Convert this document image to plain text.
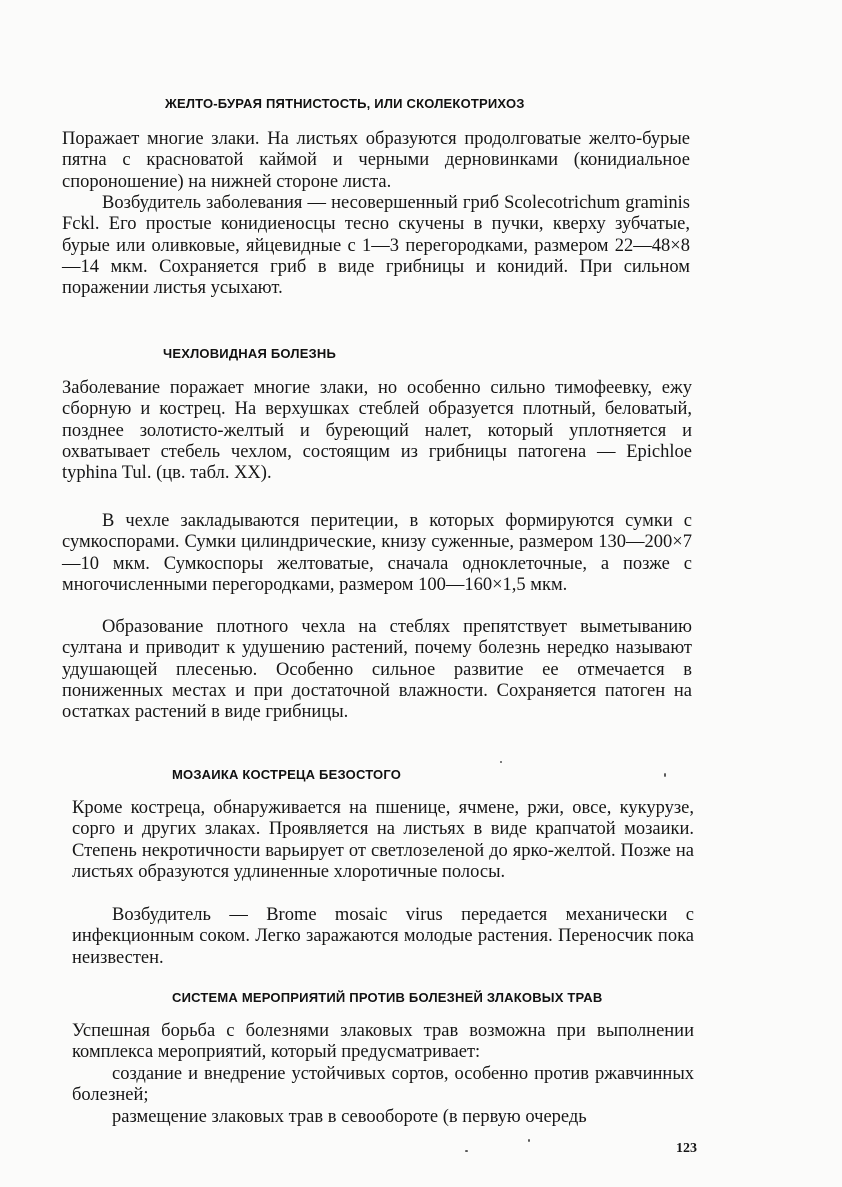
ЖЕЛТО-БУРАЯ ПЯТНИСТОСТЬ, ИЛИ СКОЛЕКОТРИХОЗ
Поражает многие злаки. На листьях образуются продолговатые желто-бурые пятна с красноватой каймой и черными дерновинками (конидиальное спороношение) на нижней стороне листа.
Возбудитель заболевания — несовершенный гриб Scolecotrichum graminis Fckl. Его простые конидиеносцы тесно скучены в пучки, кверху зубчатые, бурые или оливковые, яйцевидные с 1—3 перегородками, размером 22—48×8—14 мкм. Сохраняется гриб в виде грибницы и конидий. При сильном поражении листья усыхают.
ЧЕХЛОВИДНАЯ БОЛЕЗНЬ
Заболевание поражает многие злаки, но особенно сильно тимофеевку, ежу сборную и кострец. На верхушках стеблей образуется плотный, беловатый, позднее золотисто-желтый и буреющий налет, который уплотняется и охватывает стебель чехлом, состоящим из грибницы патогена — Epichloe typhina Tul. (цв. табл. XX).
В чехле закладываются перитеции, в которых формируются сумки с сумкоспорами. Сумки цилиндрические, книзу суженные, размером 130—200×7—10 мкм. Сумкоспоры желтоватые, сначала одноклеточные, а позже с многочисленными перегородками, размером 100—160×1,5 мкм.
Образование плотного чехла на стеблях препятствует выметыванию султана и приводит к удушению растений, почему болезнь нередко называют удушающей плесенью. Особенно сильное развитие ее отмечается в пониженных местах и при достаточной влажности. Сохраняется патоген на остатках растений в виде грибницы.
МОЗАИКА КОСТРЕЦА БЕЗОСТОГО
Кроме костреца, обнаруживается на пшенице, ячмене, ржи, овсе, кукурузе, сорго и других злаках. Проявляется на листьях в виде крапчатой мозаики. Степень некротичности варьирует от светлозеленой до ярко-желтой. Позже на листьях образуются удлиненные хлоротичные полосы.
Возбудитель — Brome mosaic virus передается механически с инфекционным соком. Легко заражаются молодые растения. Переносчик пока неизвестен.
СИСТЕМА МЕРОПРИЯТИЙ ПРОТИВ БОЛЕЗНЕЙ ЗЛАКОВЫХ ТРАВ
Успешная борьба с болезнями злаковых трав возможна при выполнении комплекса мероприятий, который предусматривает:
создание и внедрение устойчивых сортов, особенно против ржавчинных болезней;
размещение злаковых трав в севообороте (в первую очередь
123
